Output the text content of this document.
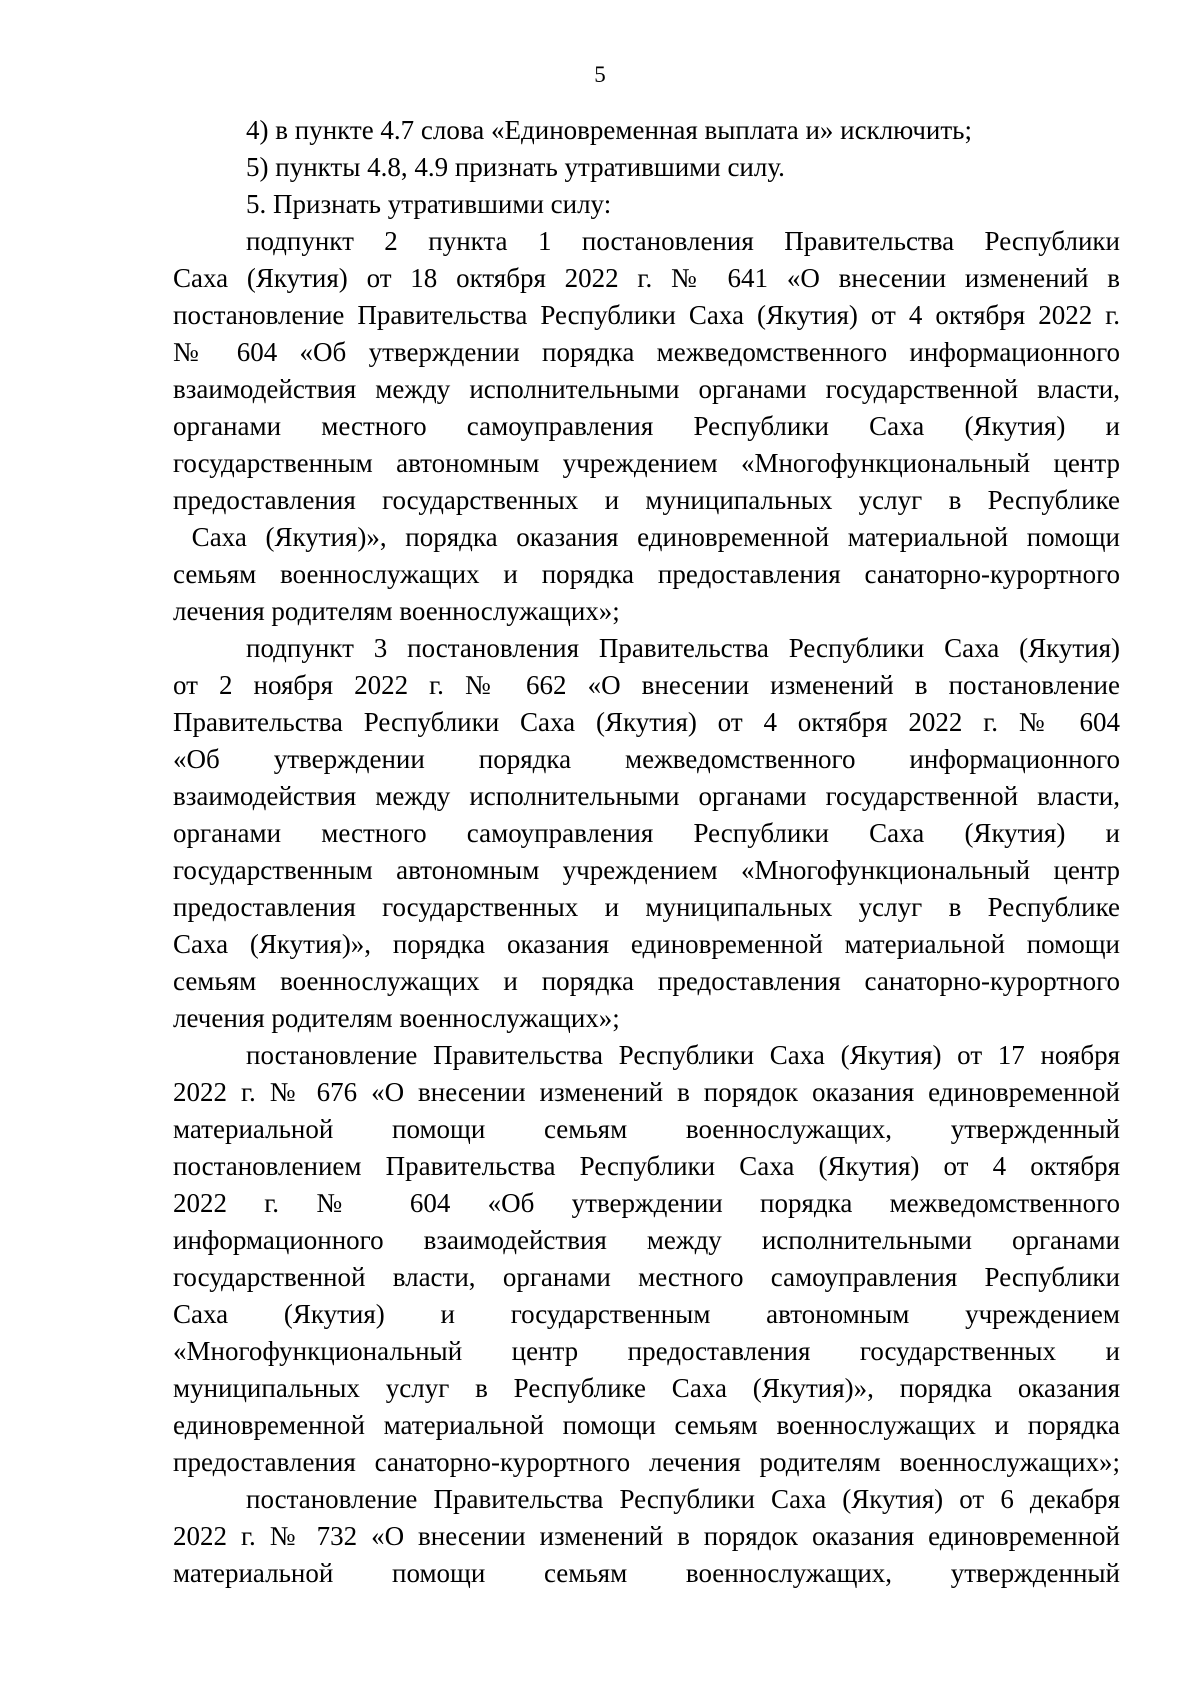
5
4) в пункте 4.7 слова «Единовременная выплата и» исключить;
5) пункты 4.8, 4.9 признать утратившими силу.
5. Признать утратившими силу:
подпункт 2 пункта 1 постановления Правительства Республики
Саха (Якутия) от 18 октября 2022 г. № 641 «О внесении изменений в
постановление Правительства Республики Саха (Якутия) от 4 октября 2022 г.
№ 604 «Об утверждении порядка межведомственного информационного
взаимодействия между исполнительными органами государственной власти,
органами местного самоуправления Республики Саха (Якутия) и
государственным автономным учреждением «Многофункциональный центр
предоставления государственных и муниципальных услуг в Республике
Саха (Якутия)», порядка оказания единовременной материальной помощи
семьям военнослужащих и порядка предоставления санаторно-курортного
лечения родителям военнослужащих»;
подпункт 3 постановления Правительства Республики Саха (Якутия)
от 2 ноября 2022 г. № 662 «О внесении изменений в постановление
Правительства Республики Саха (Якутия) от 4 октября 2022 г. № 604
«Об утверждении порядка межведомственного информационного
взаимодействия между исполнительными органами государственной власти,
органами местного самоуправления Республики Саха (Якутия) и
государственным автономным учреждением «Многофункциональный центр
предоставления государственных и муниципальных услуг в Республике
Саха (Якутия)», порядка оказания единовременной материальной помощи
семьям военнослужащих и порядка предоставления санаторно-курортного
лечения родителям военнослужащих»;
постановление Правительства Республики Саха (Якутия) от 17 ноября
2022 г. № 676 «О внесении изменений в порядок оказания единовременной
материальной помощи семьям военнослужащих, утвержденный
постановлением Правительства Республики Саха (Якутия) от 4 октября
2022 г. № 604 «Об утверждении порядка межведомственного
информационного взаимодействия между исполнительными органами
государственной власти, органами местного самоуправления Республики
Саха (Якутия) и государственным автономным учреждением
«Многофункциональный центр предоставления государственных и
муниципальных услуг в Республике Саха (Якутия)», порядка оказания
единовременной материальной помощи семьям военнослужащих и порядка
предоставления санаторно-курортного лечения родителям военнослужащих»;
постановление Правительства Республики Саха (Якутия) от 6 декабря
2022 г. № 732 «О внесении изменений в порядок оказания единовременной
материальной помощи семьям военнослужащих, утвержденный
